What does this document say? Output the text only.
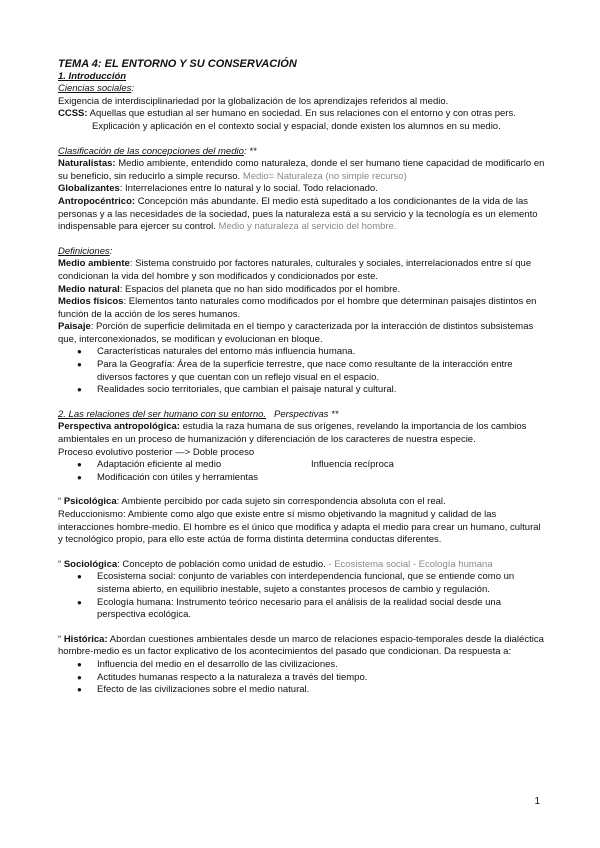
TEMA 4: EL ENTORNO Y SU CONSERVACIÓN

1. Introducción

Ciencias sociales:

Exigencia de interdisciplinariedad por la globalización de los aprendizajes referidos al medio.

CCSS: Aquellas que estudian al ser humano en sociedad. En sus relaciones con el entorno y con otras pers.

Explicación y aplicación en el contexto social y espacial, donde existen los alumnos en su medio.

Clasificación de las concepciones del medio: **

Naturalistas: Medio ambiente, entendido como naturaleza, donde el ser humano tiene capacidad de modificarlo en su beneficio, sin reducirlo a simple recurso. Medio= Naturaleza (no simple recurso)

Globalizantes: Interrelaciones entre lo natural y lo social. Todo relacionado.

Antropocéntrico: Concepción más abundante. El medio está supeditado a los condicionantes de la vida de las personas y a las necesidades de la sociedad, pues la naturaleza está a su servicio y la tecnología es un elemento indispensable para ejercer su control. Medio y naturaleza al servicio del hombre.

Definiciones:

Medio ambiente: Sistema construido por factores naturales, culturales y sociales, interrelacionados entre sí que condicionan la vida del hombre y son modificados y condicionados por este.

Medio natural: Espacios del planeta que no han sido modificados por el hombre.

Medios físicos: Elementos tanto naturales como modificados por el hombre que determinan paisajes distintos en función de la acción de los seres humanos.

Paisaje: Porción de superficie delimitada en el tiempo y caracterizada por la interacción de distintos subsistemas que, interconexionados, se modifican y evolucionan en bloque.

● Características naturales del entorno más influencia humana.
● Para la Geografía: Área de la superficie terrestre, que nace como resultante de la interacción entre diversos factores y que cuentan con un reflejo visual en el espacio.
● Realidades socio territoriales, que cambian el paisaje natural y cultural.

2. Las relaciones del ser humano con su entorno. Perspectivas **

Perspectiva antropológica: estudia la raza humana de sus orígenes, revelando la importancia de los cambios ambientales en un proceso de humanización y diferenciación de los caracteres de nuestra especie.

Proceso evolutivo posterior —> Doble proceso

● Adaptación eficiente al medio	Influencia recíproca
● Modificación con útiles y herramientas

“ Psicológica: Ambiente percibido por cada sujeto sin correspondencia absoluta con el real.

Reduccionismo: Ambiente como algo que existe entre sí mismo objetivando la magnitud y calidad de las interacciones hombre-medio. El hombre es el único que modifica y adapta el medio para crear un humano, cultural y tecnológico propio, para ello este actúa de forma distinta determina conductas diferentes.

“ Sociológica: Concepto de población como unidad de estudio. - Ecosistema social - Ecología humana

● Ecosistema social: conjunto de variables con interdependencia funcional, que se entiende como un sistema abierto, en equilibrio inestable, sujeto a constantes procesos de cambio y regulación.
● Ecología humana: Instrumento teórico necesario para el análisis de la realidad social desde una perspectiva ecológica.

“ Histórica: Abordan cuestiones ambientales desde un marco de relaciones espacio-temporales desde la dialéctica hombre-medio es un factor explicativo de los acontecimientos del pasado que condicionan. Da respuesta a:

● Influencia del medio en el desarrollo de las civilizaciones.
● Actitudes humanas respecto a la naturaleza a través del tiempo.
● Efecto de las civilizaciones sobre el medio natural.
1
